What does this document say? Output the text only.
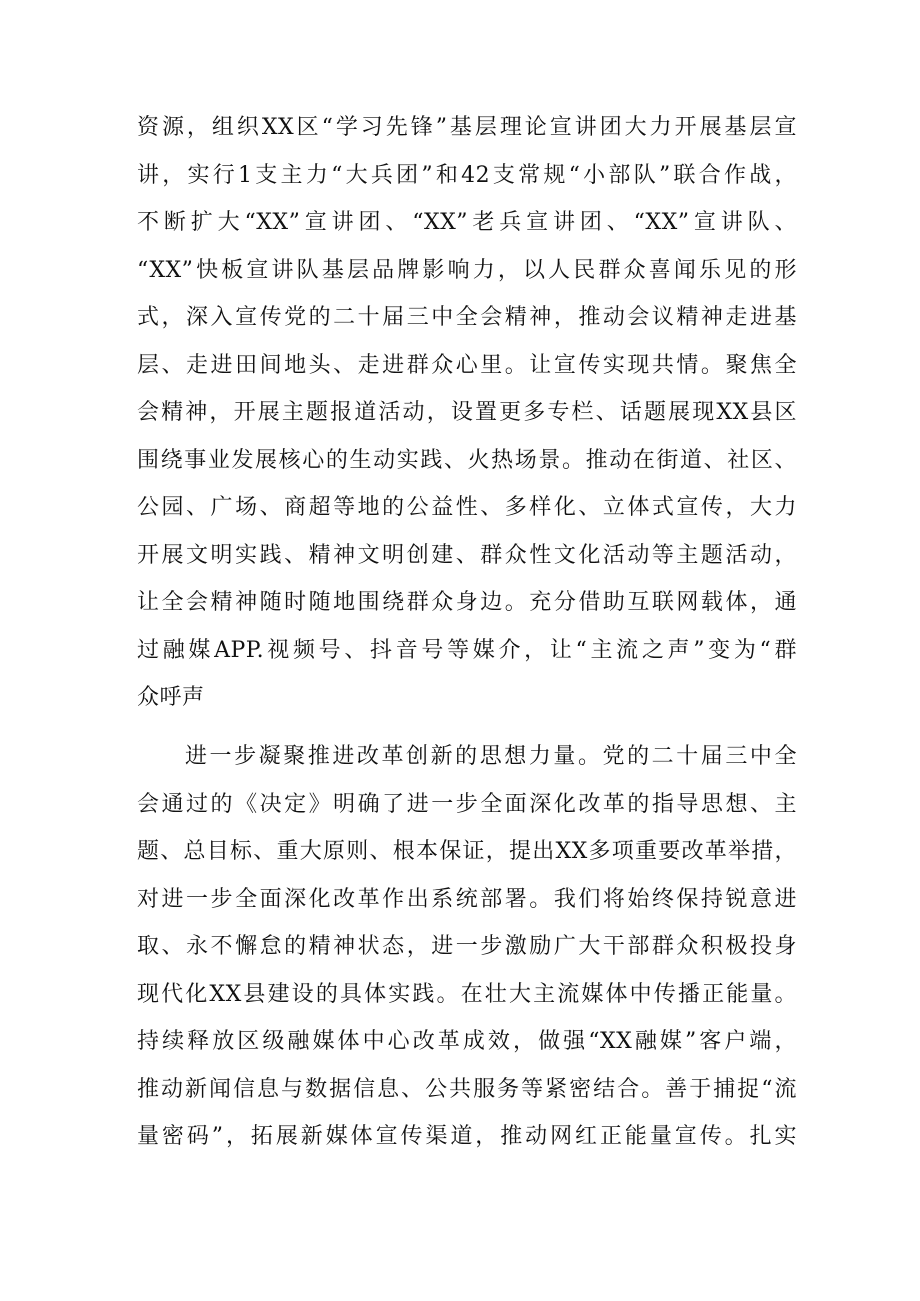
资源，组织XX区“学习先锋”基层理论宣讲团大力开展基层宣
讲，实行1支主力“大兵团”和42支常规“小部队”联合作战，
不断扩大“XX”宣讲团、“XX”老兵宣讲团、“XX”宣讲队、
“XX”快板宣讲队基层品牌影响力，以人民群众喜闻乐见的形
式，深入宣传党的二十届三中全会精神，推动会议精神走进基
层、走进田间地头、走进群众心里。让宣传实现共情。聚焦全
会精神，开展主题报道活动，设置更多专栏、话题展现XX县区
围绕事业发展核心的生动实践、火热场景。推动在街道、社区、
公园、广场、商超等地的公益性、多样化、立体式宣传，大力
开展文明实践、精神文明创建、群众性文化活动等主题活动，
让全会精神随时随地围绕群众身边。充分借助互联网载体，通
过融媒APP.视频号、抖音号等媒介，让“主流之声”变为“群
众呼声
进一步凝聚推进改革创新的思想力量。党的二十届三中全
会通过的《决定》明确了进一步全面深化改革的指导思想、主
题、总目标、重大原则、根本保证，提出XX多项重要改革举措，
对进一步全面深化改革作出系统部署。我们将始终保持锐意进
取、永不懈怠的精神状态，进一步激励广大干部群众积极投身
现代化XX县建设的具体实践。在壮大主流媒体中传播正能量。
持续释放区级融媒体中心改革成效，做强“XX融媒”客户端，
推动新闻信息与数据信息、公共服务等紧密结合。善于捕捉“流
量密码”，拓展新媒体宣传渠道，推动网红正能量宣传。扎实
